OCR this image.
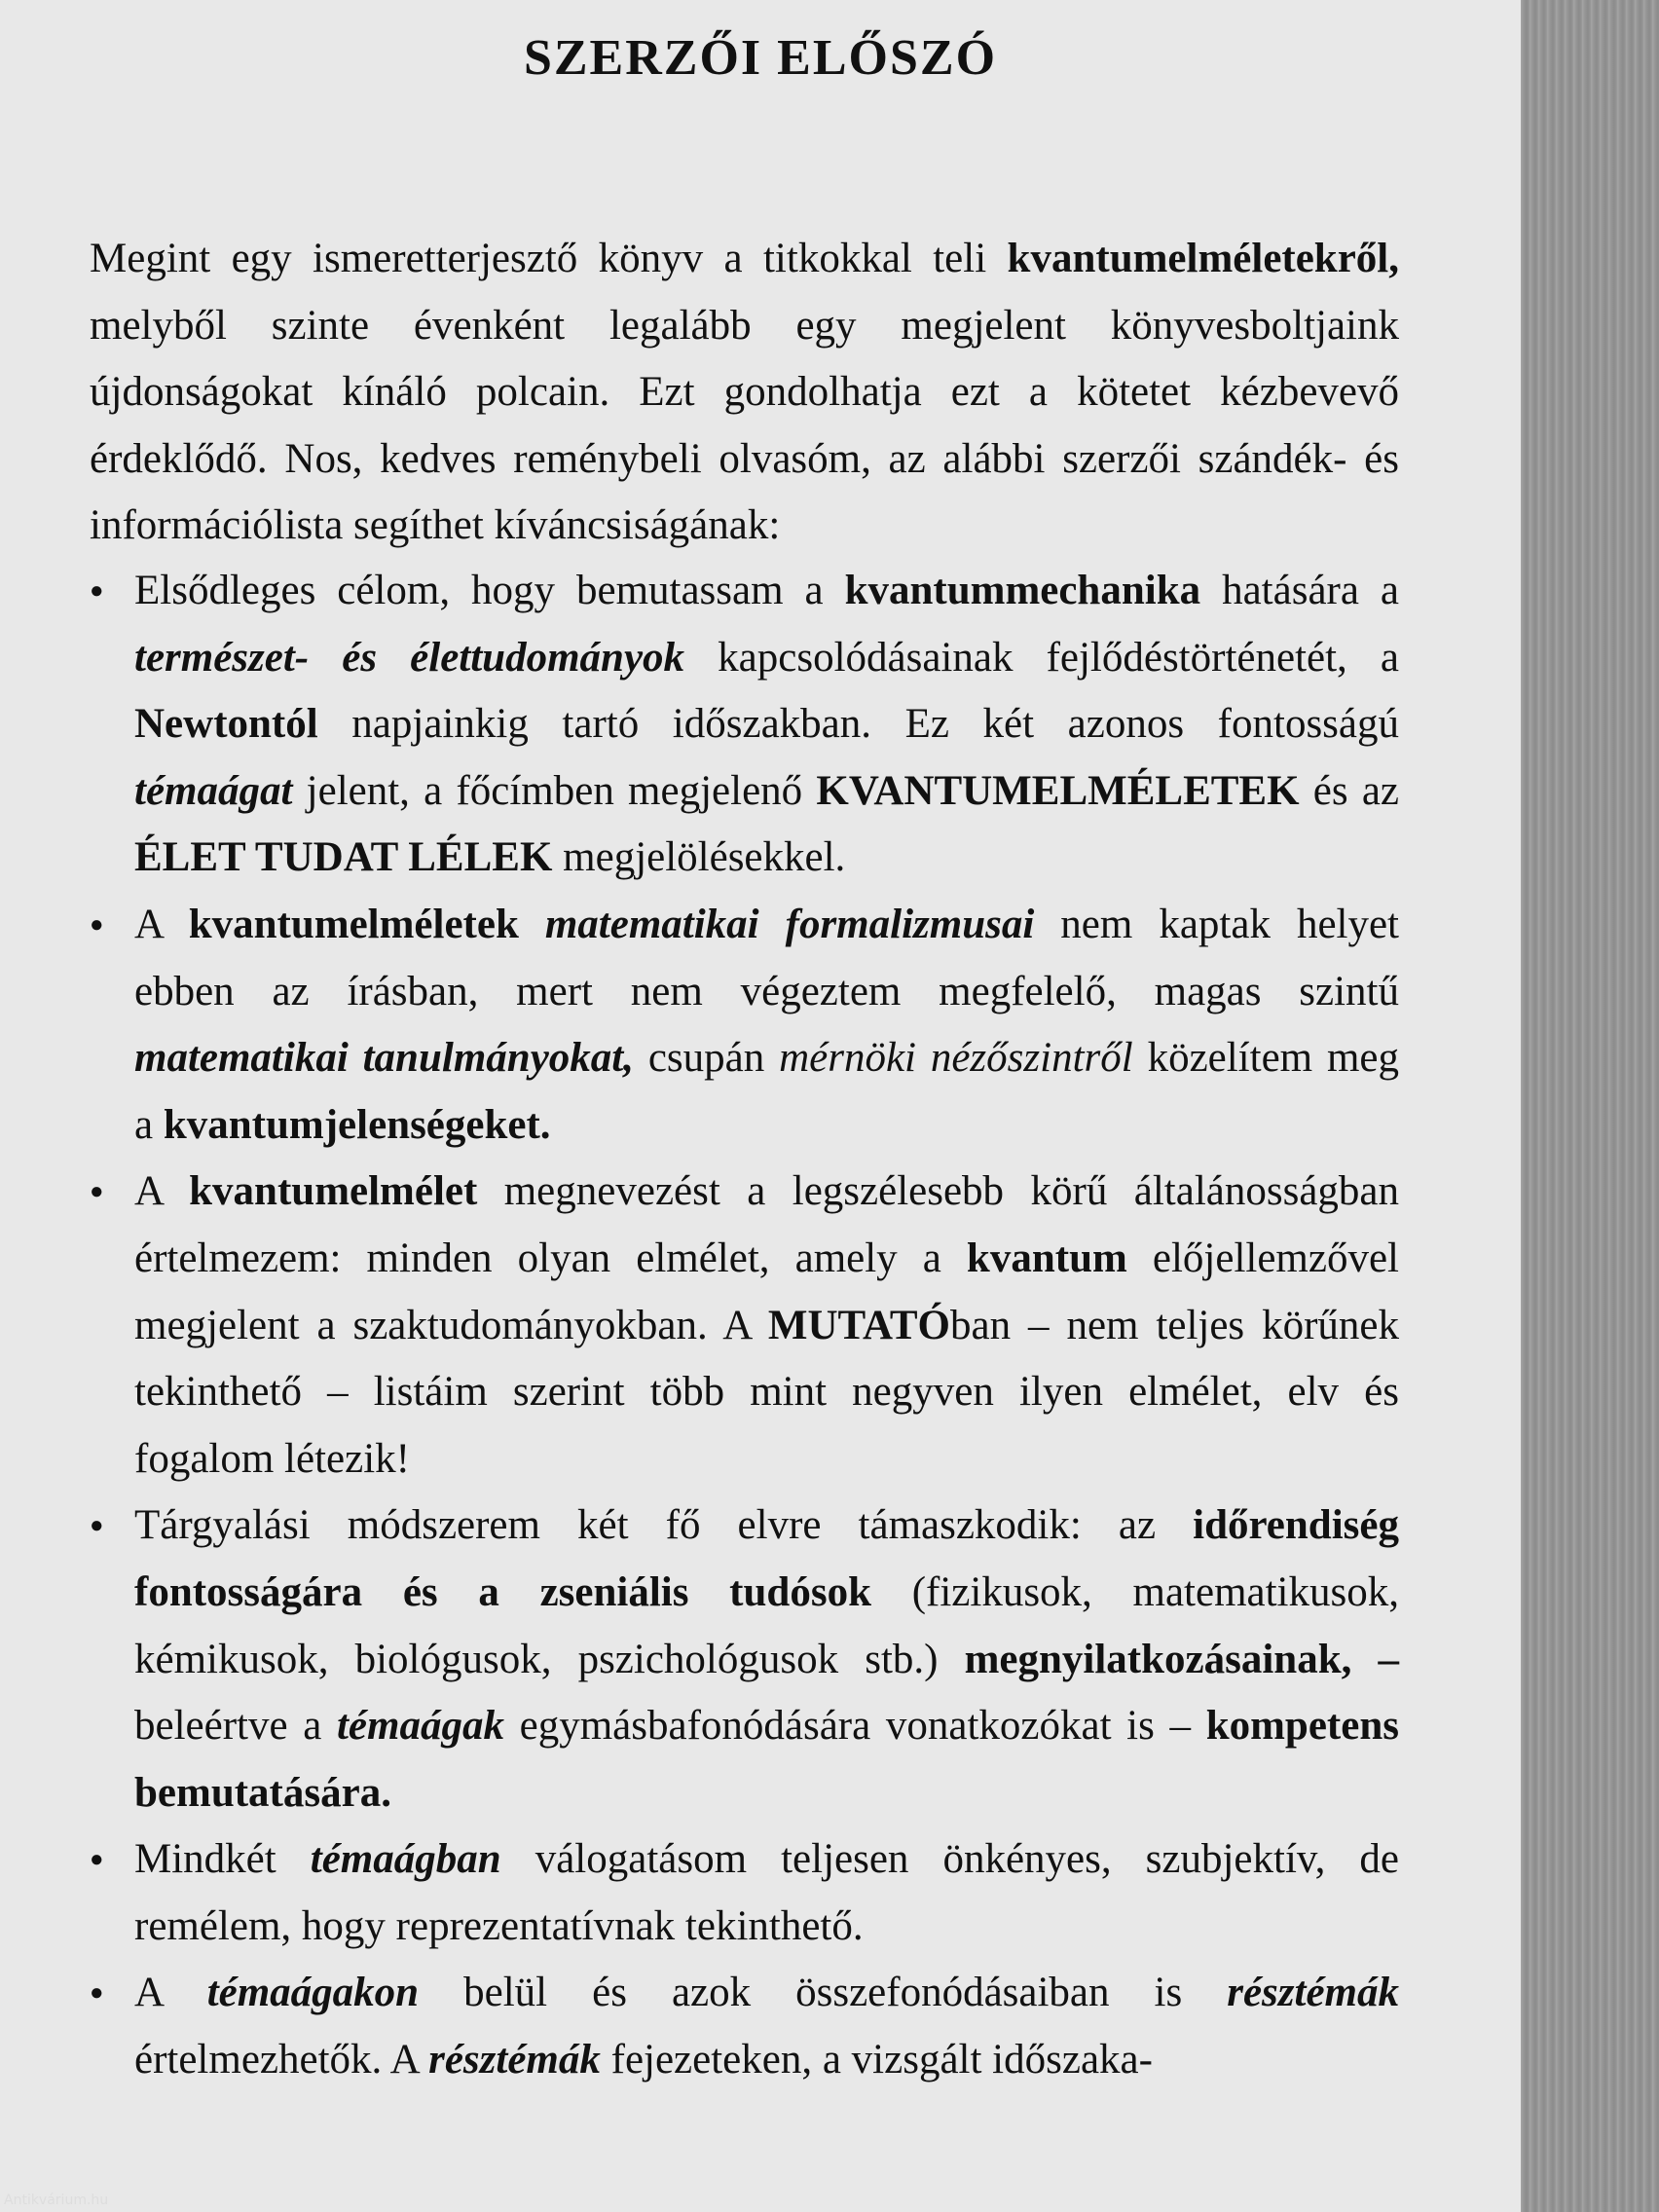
SZERZŐI ELŐSZÓ

Megint egy ismeretterjesztő könyv a titkokkal teli kvantumelméletekről, melyből szinte évenként legalább egy megjelent könyvesboltjaink újdonságokat kínáló polcain. Ezt gondolhatja ezt a kötetet kézbevevő érdeklődő. Nos, kedves reménybeli olvasóm, az alábbi szerzői szándék- és információlista segíthet kíváncsiságának:

● Elsődleges célom, hogy bemutassam a kvantummechanika hatására a természet- és élettudományok kapcsolódásainak fejlődéstörténetét, a Newtontól napjainkig tartó időszakban. Ez két azonos fontosságú témaágat jelent, a főcímben megjelenő KVANTUMELMÉLETEK és az ÉLET TUDAT LÉLEK megjelölésekkel.
● A kvantumelméletek matematikai formalizmusai nem kaptak helyet ebben az írásban, mert nem végeztem megfelelő, magas szintű matematikai tanulmányokat, csupán mérnöki nézőszintről közelítem meg a kvantumjelenségeket.
● A kvantumelmélet megnevezést a legszélesebb körű általánosságban értelmezem: minden olyan elmélet, amely a kvantum előjellemzővel megjelent a szaktudományokban. A MUTATÓban – nem teljes körűnek tekinthető – listáim szerint több mint negyven ilyen elmélet, elv és fogalom létezik!
● Tárgyalási módszerem két fő elvre támaszkodik: az időrendiség fontosságára és a zseniális tudósok (fizikusok, matematikusok, kémikusok, biológusok, pszichológusok stb.) megnyilatkozásainak, – beleértve a témaágak egymásbafonódására vonatkozókat is – kompetens bemutatására.
● Mindkét témaágban válogatásom teljesen önkényes, szubjektív, de remélem, hogy reprezentatívnak tekinthető.
● A témaágakon belül és azok összefonódásaiban is résztémák értelmezhetők. A résztémák fejezeteken, a vizsgált időszaka-
Antikvárium.hu
